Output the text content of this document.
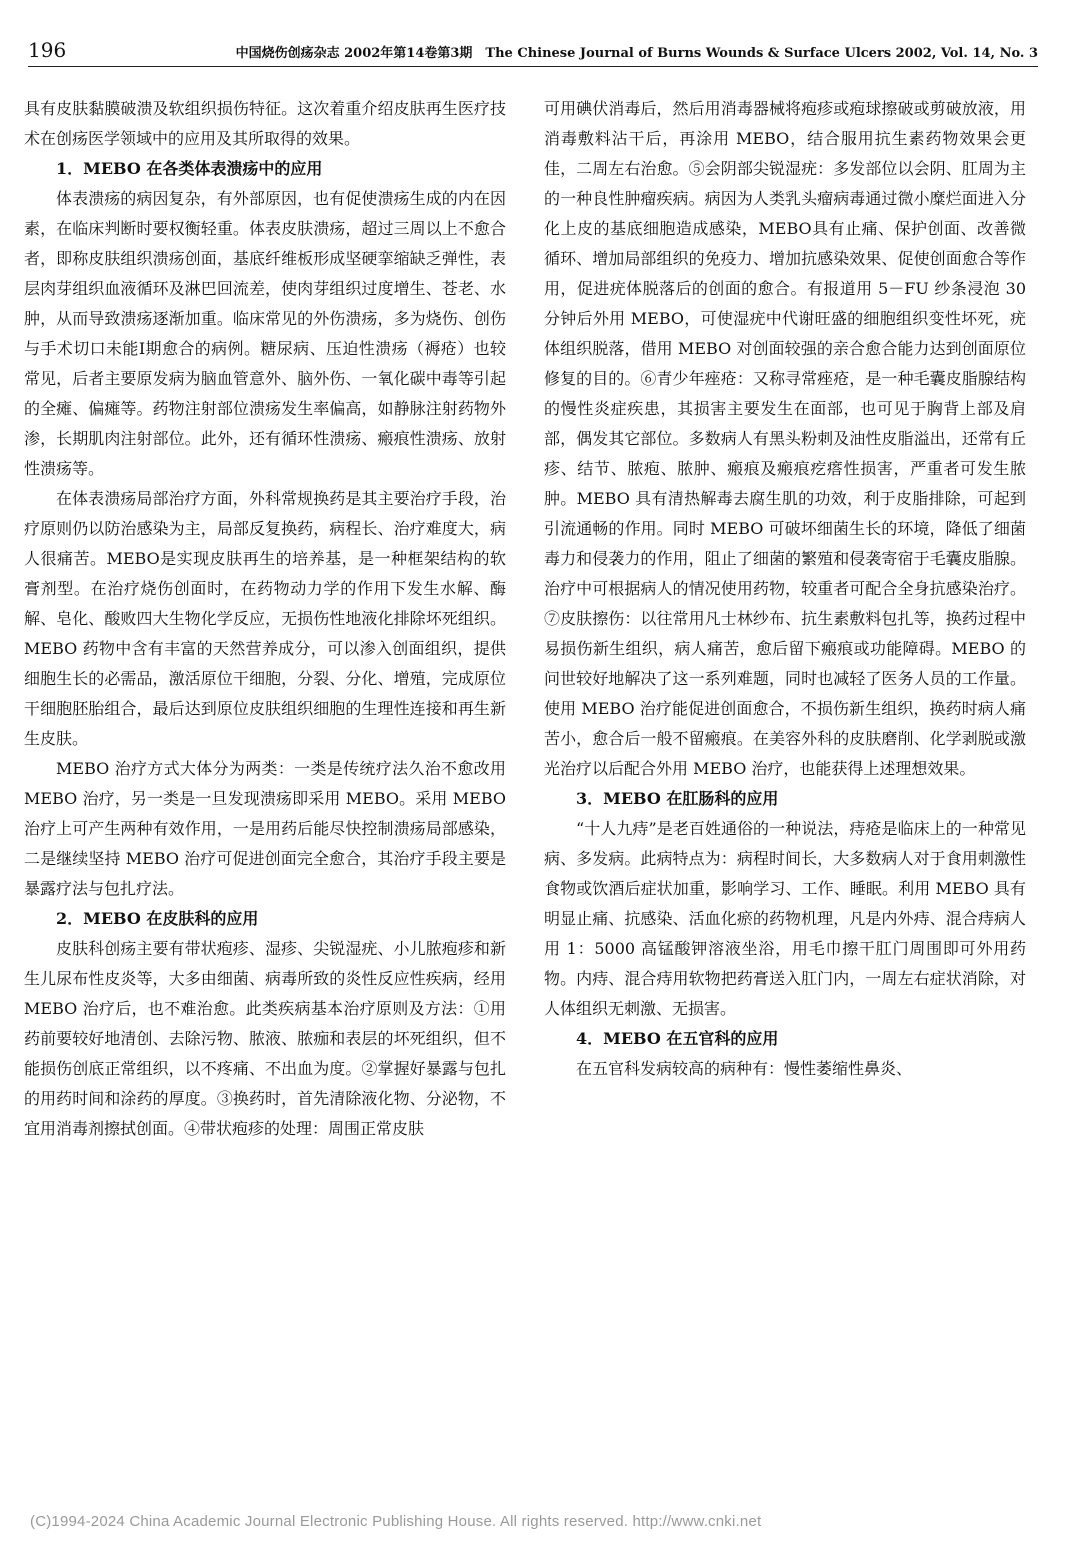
196	中国烧伤创疡杂志 2002年第14卷第3期　The Chinese Journal of Burns Wounds & Surface Ulcers 2002, Vol. 14, No. 3

具有皮肤黏膜破溃及软组织损伤特征。这次着重介绍皮肤再生医疗技术在创疡医学领域中的应用及其所取得的效果。

1．MEBO 在各类体表溃疡中的应用

体表溃疡的病因复杂，有外部原因，也有促使溃疡生成的内在因素，在临床判断时要权衡轻重。体表皮肤溃疡，超过三周以上不愈合者，即称皮肤组织溃疡创面，基底纤维板形成坚硬挛缩缺乏弹性，表层肉芽组织血液循环及淋巴回流差，使肉芽组织过度增生、苍老、水肿，从而导致溃疡逐渐加重。临床常见的外伤溃疡，多为烧伤、创伤与手术切口未能Ⅰ期愈合的病例。糖尿病、压迫性溃疡（褥疮）也较常见，后者主要原发病为脑血管意外、脑外伤、一氧化碳中毒等引起的全瘫、偏瘫等。药物注射部位溃疡发生率偏高，如静脉注射药物外渗，长期肌肉注射部位。此外，还有循环性溃疡、瘢痕性溃疡、放射性溃疡等。

在体表溃疡局部治疗方面，外科常规换药是其主要治疗手段，治疗原则仍以防治感染为主，局部反复换药，病程长、治疗难度大，病人很痛苦。MEBO是实现皮肤再生的培养基，是一种框架结构的软膏剂型。在治疗烧伤创面时，在药物动力学的作用下发生水解、酶解、皂化、酸败四大生物化学反应，无损伤性地液化排除坏死组织。MEBO 药物中含有丰富的天然营养成分，可以渗入创面组织，提供细胞生长的必需品，激活原位干细胞，分裂、分化、增殖，完成原位干细胞胚胎组合，最后达到原位皮肤组织细胞的生理性连接和再生新生皮肤。

MEBO 治疗方式大体分为两类：一类是传统疗法久治不愈改用 MEBO 治疗，另一类是一旦发现溃疡即采用 MEBO。采用 MEBO 治疗上可产生两种有效作用，一是用药后能尽快控制溃疡局部感染，二是继续坚持 MEBO 治疗可促进创面完全愈合，其治疗手段主要是暴露疗法与包扎疗法。

2．MEBO 在皮肤科的应用

皮肤科创疡主要有带状疱疹、湿疹、尖锐湿疣、小儿脓疱疹和新生儿尿布性皮炎等，大多由细菌、病毒所致的炎性反应性疾病，经用 MEBO 治疗后，也不难治愈。此类疾病基本治疗原则及方法：①用药前要较好地清创、去除污物、脓液、脓痂和表层的坏死组织，但不能损伤创底正常组织，以不疼痛、不出血为度。②掌握好暴露与包扎的用药时间和涂药的厚度。③换药时，首先清除液化物、分泌物，不宜用消毒剂擦拭创面。④带状疱疹的处理：周围正常皮肤

可用碘伏消毒后，然后用消毒器械将疱疹或疱球擦破或剪破放液，用消毒敷料沾干后，再涂用 MEBO，结合服用抗生素药物效果会更佳，二周左右治愈。⑤会阴部尖锐湿疣：多发部位以会阴、肛周为主的一种良性肿瘤疾病。病因为人类乳头瘤病毒通过微小糜烂面进入分化上皮的基底细胞造成感染，MEBO具有止痛、保护创面、改善微循环、增加局部组织的免疫力、增加抗感染效果、促使创面愈合等作用，促进疣体脱落后的创面的愈合。有报道用 5－FU 纱条浸泡 30 分钟后外用 MEBO，可使湿疣中代谢旺盛的细胞组织变性坏死，疣体组织脱落，借用 MEBO 对创面较强的亲合愈合能力达到创面原位修复的目的。⑥青少年痤疮：又称寻常痤疮，是一种毛囊皮脂腺结构的慢性炎症疾患，其损害主要发生在面部，也可见于胸背上部及肩部，偶发其它部位。多数病人有黑头粉刺及油性皮脂溢出，还常有丘疹、结节、脓疱、脓肿、瘢痕及瘢痕疙瘩性损害，严重者可发生脓肿。MEBO 具有清热解毒去腐生肌的功效，利于皮脂排除，可起到引流通畅的作用。同时 MEBO 可破坏细菌生长的环境，降低了细菌毒力和侵袭力的作用，阻止了细菌的繁殖和侵袭寄宿于毛囊皮脂腺。治疗中可根据病人的情况使用药物，较重者可配合全身抗感染治疗。⑦皮肤擦伤：以往常用凡士林纱布、抗生素敷料包扎等，换药过程中易损伤新生组织，病人痛苦，愈后留下瘢痕或功能障碍。MEBO 的问世较好地解决了这一系列难题，同时也减轻了医务人员的工作量。使用 MEBO 治疗能促进创面愈合，不损伤新生组织，换药时病人痛苦小，愈合后一般不留瘢痕。在美容外科的皮肤磨削、化学剥脱或激光治疗以后配合外用 MEBO 治疗，也能获得上述理想效果。

3．MEBO 在肛肠科的应用

“十人九痔”是老百姓通俗的一种说法，痔疮是临床上的一种常见病、多发病。此病特点为：病程时间长，大多数病人对于食用刺激性食物或饮酒后症状加重，影响学习、工作、睡眠。利用 MEBO 具有明显止痛、抗感染、活血化瘀的药物机理，凡是内外痔、混合痔病人用 1：5000 高锰酸钾溶液坐浴，用毛巾擦干肛门周围即可外用药物。内痔、混合痔用软物把药膏送入肛门内，一周左右症状消除，对人体组织无刺激、无损害。

4．MEBO 在五官科的应用

在五官科发病较高的病种有：慢性萎缩性鼻炎、

(C)1994-2024 China Academic Journal Electronic Publishing House. All rights reserved. http://www.cnki.net
